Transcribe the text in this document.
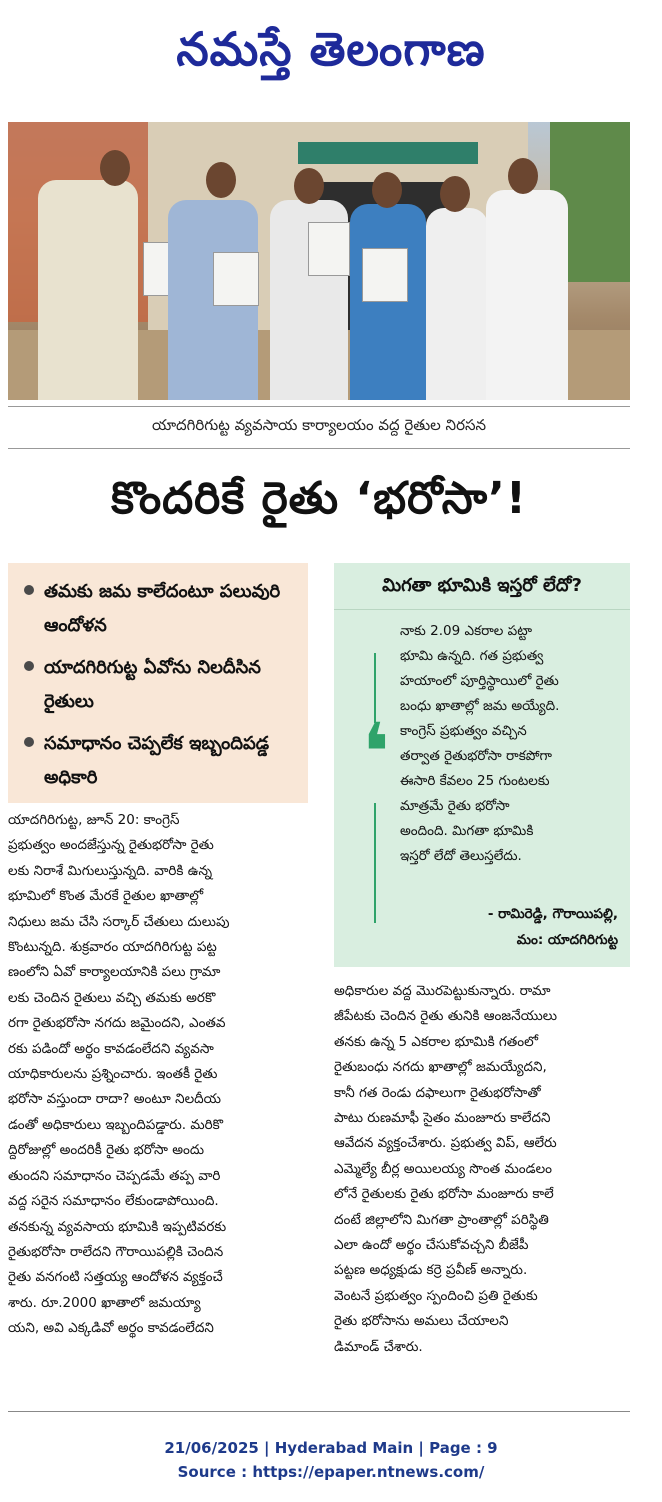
నమస్తే తెలంగాణ
యాదగిరిగుట్ట వ్యవసాయ కార్యాలయం వద్ద రైతుల నిరసన
కొందరికే రైతు ‘భరోసా’!
తమకు జమ కాలేదంటూ పలువురి ఆందోళన
యాదగిరిగుట్ట ఏవోను నిలదీసిన రైతులు
సమాధానం చెప్పలేక ఇబ్బందిపడ్డ అధికారి
మిగతా భూమికి ఇస్తరో లేదో?
❛
నాకు 2.09 ఎకరాల పట్టా
భూమి ఉన్నది. గత ప్రభుత్వ
హయాంలో పూర్తిస్థాయిలో రైతు
బంధు ఖాతాల్లో జమ అయ్యేది.
కాంగ్రెస్ ప్రభుత్వం వచ్చిన
తర్వాత రైతుభరోసా రాకపోగా
ఈసారి కేవలం 25 గుంటలకు
మాత్రమే రైతు భరోసా
అందింది. మిగతా భూమికి
ఇస్తరో లేదో తెలుస్తలేదు.
- రామిరెడ్డి, గౌరాయిపల్లి,
మం: యాదగిరిగుట్ట
యాదగిరిగుట్ట, జూన్ 20: కాంగ్రెస్
ప్రభుత్వం అందజేస్తున్న రైతుభరోసా రైతు
లకు నిరాశే మిగులుస్తున్నది. వారికి ఉన్న
భూమిలో కొంత మేరకే రైతుల ఖాతాల్లో
నిధులు జమ చేసి సర్కార్ చేతులు దులుపు
కొంటున్నది. శుక్రవారం యాదగిరిగుట్ట పట్ట
ణంలోని ఏవో కార్యాలయానికి పలు గ్రామా
లకు చెందిన రైతులు వచ్చి తమకు అరకొ
రగా రైతుభరోసా నగదు జమైందని, ఎంతవ
రకు పడిందో అర్థం కావడంలేదని వ్యవసా
యాధికారులను ప్రశ్నించారు. ఇంతకీ రైతు
భరోసా వస్తుందా రాదా? అంటూ నిలదీయ
డంతో అధికారులు ఇబ్బందిపడ్డారు. మరికొ
ద్దిరోజుల్లో అందరికీ రైతు భరోసా అందు
తుందని సమాధానం చెప్పడమే తప్ప వారి
వద్ద సరైన సమాధానం లేకుండాపోయింది.
తనకున్న వ్యవసాయ భూమికి ఇప్పటివరకు
రైతుభరోసా రాలేదని గౌరాయిపల్లికి చెందిన
రైతు వనగంటి సత్తయ్య ఆందోళన వ్యక్తంచే
శారు. రూ.2000 ఖాతాలో జమయ్యా
యని, అవి ఎక్కడివో అర్థం కావడంలేదని
అధికారుల వద్ద మొరపెట్టుకున్నారు. రామా
జీపేటకు చెందిన రైతు తునికి ఆంజనేయులు
తనకు ఉన్న 5 ఎకరాల భూమికి గతంలో
రైతుబంధు నగదు ఖాతాల్లో జమయ్యేదని,
కానీ గత రెండు దఫాలుగా రైతుభరోసాతో
పాటు రుణమాఫీ సైతం మంజూరు కాలేదని
ఆవేదన వ్యక్తంచేశారు. ప్రభుత్వ విప్, ఆలేరు
ఎమ్మెల్యే బీర్ల అయిలయ్య సొంత మండలం
లోనే రైతులకు రైతు భరోసా మంజూరు కాలే
దంటే జిల్లాలోని మిగతా ప్రాంతాల్లో పరిస్థితి
ఎలా ఉందో అర్థం చేసుకోవచ్చని బీజేపీ
పట్టణ అధ్యక్షుడు కర్రె ప్రవీణ్ అన్నారు.
వెంటనే ప్రభుత్వం స్పందించి ప్రతి రైతుకు
రైతు భరోసాను అమలు చేయాలని
డిమాండ్ చేశారు.
21/06/2025 | Hyderabad Main | Page : 9
Source : https://epaper.ntnews.com/
